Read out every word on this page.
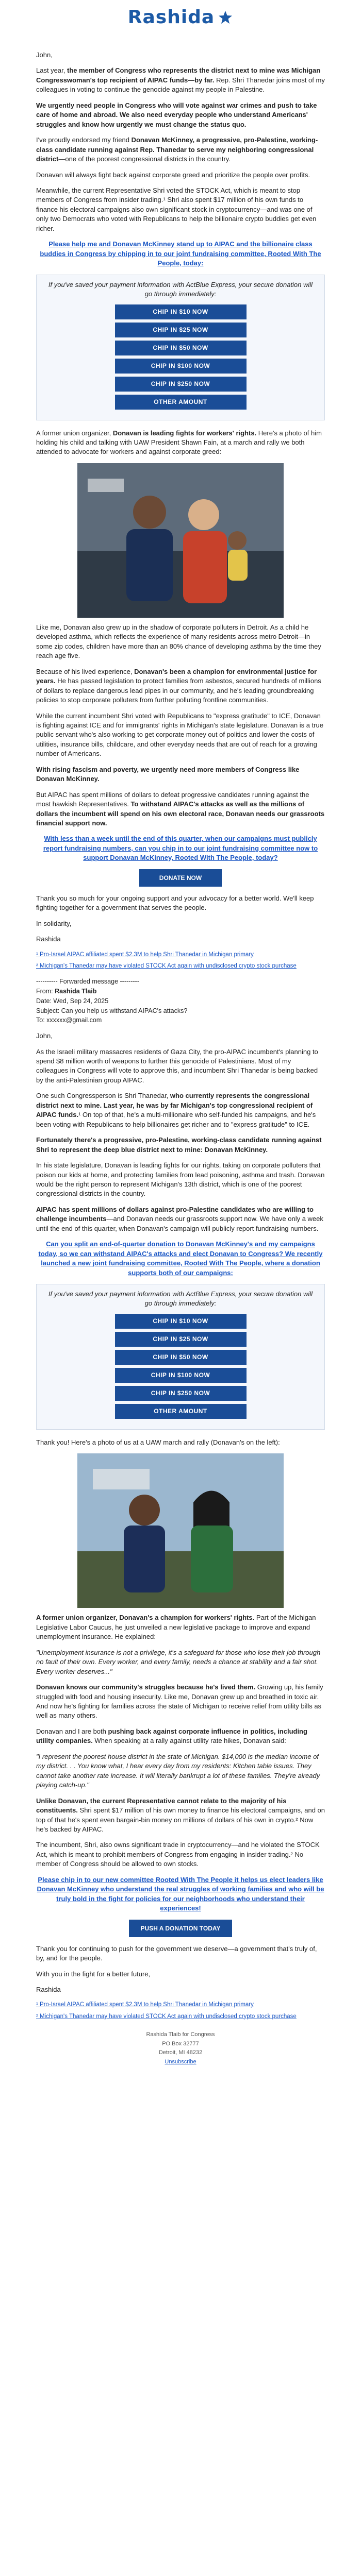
Rashida

John,

Last year, the member of Congress who represents the district next to mine was Michigan Congresswoman's top recipient of AIPAC funds—by far. Rep. Shri Thanedar joins most of my colleagues in voting to continue the genocide against my people in Palestine.

We urgently need people in Congress who will vote against war crimes and push to take care of home and abroad. We also need everyday people who understand Americans' struggles and know how urgently we must change the status quo.

I've proudly endorsed my friend Donavan McKinney, a progressive, pro-Palestine, working-class candidate running against Rep. Thanedar to serve my neighboring congressional district—one of the poorest congressional districts in the country.

Donavan will always fight back against corporate greed and prioritize the people over profits.

Meanwhile, the current Representative Shri voted the STOCK Act, which is meant to stop members of Congress from insider trading.¹ Shri also spent $17 million of his own funds to finance his electoral campaigns also own significant stock in cryptocurrency—and was one of only two Democrats who voted with Republicans to help the billionaire crypto buddies get even richer.

Please help me and Donavan McKinney stand up to AIPAC and the billionaire class buddies in Congress by chipping in to our joint fundraising committee, Rooted With The People, today:

If you've saved your payment information with ActBlue Express, your secure donation will go through immediately:
CHIP IN $10 NOW
CHIP IN $25 NOW
CHIP IN $50 NOW
CHIP IN $100 NOW
CHIP IN $250 NOW
OTHER AMOUNT

A former union organizer, Donavan is leading fights for workers' rights. Here's a photo of him holding his child and talking with UAW President Shawn Fain, at a march and rally we both attended to advocate for workers and against corporate greed:

Like me, Donavan also grew up in the shadow of corporate polluters in Detroit. As a child he developed asthma, which reflects the experience of many residents across metro Detroit—in some zip codes, children have more than an 80% chance of developing asthma by the time they reach age five.

Because of his lived experience, Donavan's been a champion for environmental justice for years. He has passed legislation to protect families from asbestos, secured hundreds of millions of dollars to replace dangerous lead pipes in our community, and he's leading groundbreaking policies to stop corporate polluters from further polluting frontline communities.

While the current incumbent Shri voted with Republicans to "express gratitude" to ICE, Donavan is fighting against ICE and for immigrants' rights in Michigan's state legislature. Donavan is a true public servant who's also working to get corporate money out of politics and lower the costs of utilities, insurance bills, childcare, and other everyday needs that are out of reach for a growing number of Americans.

With rising fascism and poverty, we urgently need more members of Congress like Donavan McKinney.

But AIPAC has spent millions of dollars to defeat progressive candidates running against the most hawkish Representatives. To withstand AIPAC's attacks as well as the millions of dollars the incumbent will spend on his own electoral race, Donavan needs our grassroots financial support now.

With less than a week until the end of this quarter, when our campaigns must publicly report fundraising numbers, can you chip in to our joint fundraising committee now to support Donavan McKinney, Rooted With The People, today?

DONATE NOW

Thank you so much for your ongoing support and your advocacy for a better world. We'll keep fighting together for a government that serves the people.

In solidarity,

Rashida

¹ Pro-Israel AIPAC affiliated spent $2.3M to help Shri Thanedar in Michigan primary

² Michigan's Thanedar may have violated STOCK Act again with undisclosed crypto stock purchase

---------- Forwarded message ---------
From: Rashida Tlaib
Date: Wed, Sep 24, 2025
Subject: Can you help us withstand AIPAC's attacks?
To: xxxxxx@gmail.com

John,

As the Israeli military massacres residents of Gaza City, the pro-AIPAC incumbent's planning to spend $8 million worth of weapons to further this genocide of Palestinians. Most of my colleagues in Congress will vote to approve this, and incumbent Shri Thanedar is being backed by the anti-Palestinian group AIPAC.

One such Congressperson is Shri Thanedar, who currently represents the congressional district next to mine. Last year, he was by far Michigan's top congressional recipient of AIPAC funds.¹ On top of that, he's a multi-millionaire who self-funded his campaigns, and he's been voting with Republicans to help billionaires get richer and to "express gratitude" to ICE.

Fortunately there's a progressive, pro-Palestine, working-class candidate running against Shri to represent the deep blue district next to mine: Donavan McKinney.

In his state legislature, Donavan is leading fights for our rights, taking on corporate polluters that poison our kids at home, and protecting families from lead poisoning, asthma and trash. Donavan would be the right person to represent Michigan's 13th district, which is one of the poorest congressional districts in the country.

AIPAC has spent millions of dollars against pro-Palestine candidates who are willing to challenge incumbents—and Donavan needs our grassroots support now. We have only a week until the end of this quarter, when Donavan's campaign will publicly report fundraising numbers.

Can you split an end-of-quarter donation to Donavan McKinney's and my campaigns today, so we can withstand AIPAC's attacks and elect Donavan to Congress? We recently launched a new joint fundraising committee, Rooted With The People, where a donation supports both of our campaigns:

If you've saved your payment information with ActBlue Express, your secure donation will go through immediately:
CHIP IN $10 NOW
CHIP IN $25 NOW
CHIP IN $50 NOW
CHIP IN $100 NOW
CHIP IN $250 NOW
OTHER AMOUNT

Thank you! Here's a photo of us at a UAW march and rally (Donavan's on the left):

A former union organizer, Donavan's a champion for workers' rights. Part of the Michigan Legislative Labor Caucus, he just unveiled a new legislative package to improve and expand unemployment insurance. He explained:

"Unemployment insurance is not a privilege, it's a safeguard for those who lose their job through no fault of their own. Every worker, and every family, needs a chance at stability and a fair shot. Every worker deserves..."

Donavan knows our community's struggles because he's lived them. Growing up, his family struggled with food and housing insecurity. Like me, Donavan grew up and breathed in toxic air. And now he's fighting for families across the state of Michigan to receive relief from utility bills as well as many others.

Donavan and I are both pushing back against corporate influence in politics, including utility companies. When speaking at a rally against utility rate hikes, Donavan said:

"I represent the poorest house district in the state of Michigan. $14,000 is the median income of my district. . . You know what, I hear every day from my residents: Kitchen table issues. They cannot take another rate increase. It will literally bankrupt a lot of these families. They're already playing catch-up."

Unlike Donavan, the current Representative cannot relate to the majority of his constituents. Shri spent $17 million of his own money to finance his electoral campaigns, and on top of that he's spent even bargain-bin money on millions of dollars of his own in crypto.² Now he's backed by AIPAC.

The incumbent, Shri, also owns significant trade in cryptocurrency—and he violated the STOCK Act, which is meant to prohibit members of Congress from engaging in insider trading.² No member of Congress should be allowed to own stocks.

Please chip in to our new committee Rooted With The People it helps us elect leaders like Donavan McKinney who understand the real struggles of working families and who will be truly bold in the fight for policies for our neighborhoods who understand their experiences!

PUSH A DONATION TODAY

Thank you for continuing to push for the government we deserve—a government that's truly of, by, and for the people.

With you in the fight for a better future,

Rashida

¹ Pro-Israel AIPAC affiliated spent $2.3M to help Shri Thanedar in Michigan primary

² Michigan's Thanedar may have violated STOCK Act again with undisclosed crypto stock purchase

Rashida Tlaib for Congress
PO Box 32777
Detroit, MI 48232
Unsubscribe
